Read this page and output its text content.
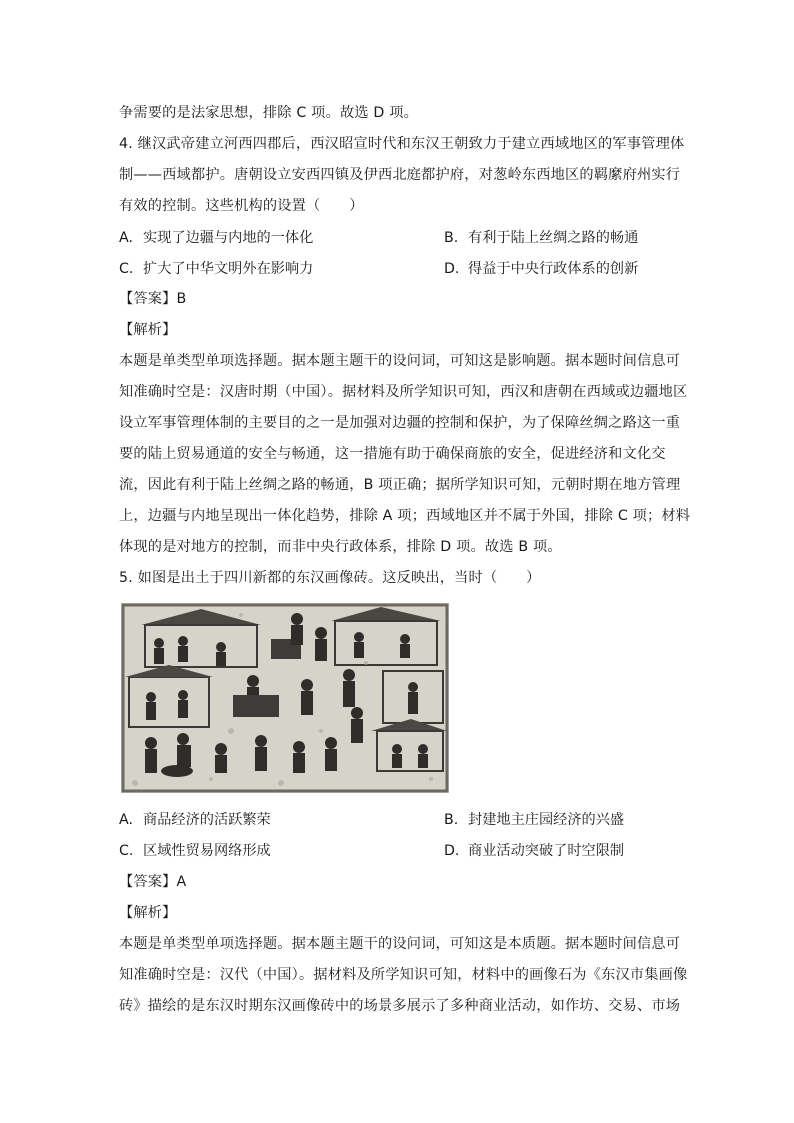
争需要的是法家思想，排除 C 项。故选 D 项。
4. 继汉武帝建立河西四郡后，西汉昭宣时代和东汉王朝致力于建立西域地区的军事管理体
制——西域都护。唐朝设立安西四镇及伊西北庭都护府，对葱岭东西地区的羁縻府州实行
有效的控制。这些机构的设置（　　）
A. 实现了边疆与内地的一体化	B. 有利于陆上丝绸之路的畅通
C. 扩大了中华文明外在影响力	D. 得益于中央行政体系的创新
【答案】B
【解析】
本题是单类型单项选择题。据本题主题干的设问词，可知这是影响题。据本题时间信息可
知准确时空是：汉唐时期（中国）。据材料及所学知识可知，西汉和唐朝在西域或边疆地区
设立军事管理体制的主要目的之一是加强对边疆的控制和保护，为了保障丝绸之路这一重
要的陆上贸易通道的安全与畅通，这一措施有助于确保商旅的安全，促进经济和文化交
流，因此有利于陆上丝绸之路的畅通，B 项正确；据所学知识可知，元朝时期在地方管理
上，边疆与内地呈现出一体化趋势，排除 A 项；西域地区并不属于外国，排除 C 项；材料
体现的是对地方的控制，而非中央行政体系，排除 D 项。故选 B 项。
5. 如图是出土于四川新都的东汉画像砖。这反映出，当时（　　）
A. 商品经济的活跃繁荣	B. 封建地主庄园经济的兴盛
C. 区域性贸易网络形成	D. 商业活动突破了时空限制
【答案】A
【解析】
本题是单类型单项选择题。据本题主题干的设问词，可知这是本质题。据本题时间信息可
知准确时空是：汉代（中国）。据材料及所学知识可知，材料中的画像石为《东汉市集画像
砖》描绘的是东汉时期东汉画像砖中的场景多展示了多种商业活动，如作坊、交易、市场
